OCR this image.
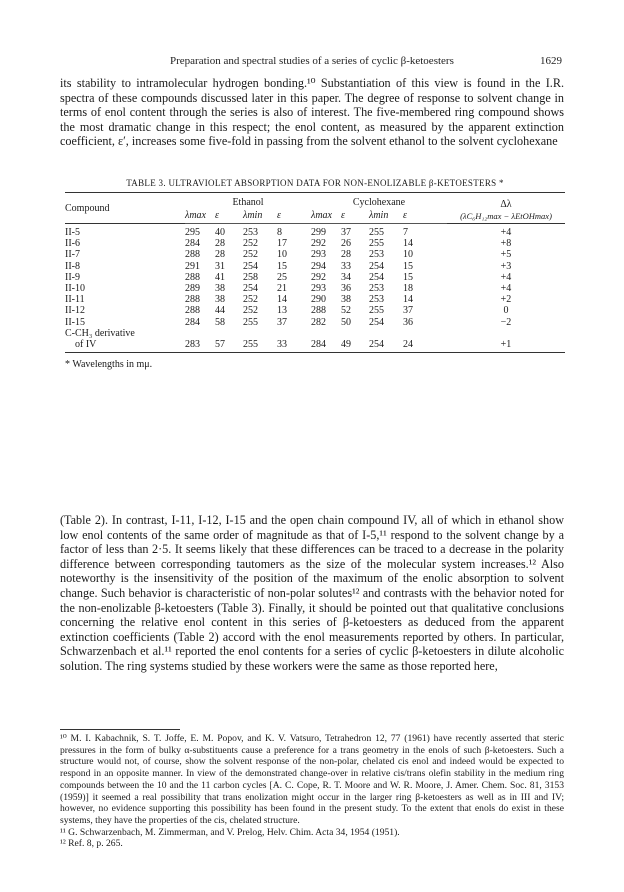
Preparation and spectral studies of a series of cyclic β-ketoesters	1629

its stability to intramolecular hydrogen bonding.¹⁰ Substantiation of this view is found in the I.R. spectra of these compounds discussed later in this paper. The degree of response to solvent change in terms of enol content through the series is also of interest. The five-membered ring compound shows the most dramatic change in this respect; the enol content, as measured by the apparent extinction coefficient, ε′, increases some five-fold in passing from the solvent ethanol to the solvent cyclohexane

TABLE 3. ULTRAVIOLET ABSORPTION DATA FOR NON-ENOLIZABLE β-KETOESTERS *
Compound	Ethanol				Cyclohexane				Δλ
	λmax	ε	λmin	ε	λmax	ε	λmin	ε	(λC₆H₁₂max − λEtOHmax)
II-5	295	40	253	8	299	37	255	7	+4
II-6	284	28	252	17	292	26	255	14	+8
II-7	288	28	252	10	293	28	253	10	+5
II-8	291	31	254	15	294	33	254	15	+3
II-9	288	41	258	25	292	34	254	15	+4
II-10	289	38	254	21	293	36	253	18	+4
II-11	288	38	252	14	290	38	253	14	+2
II-12	288	44	252	13	288	52	255	37	0
II-15	284	58	255	37	282	50	254	36	−2
C-CH₃ derivative									
of IV	283	57	255	33	284	49	254	24	+1
* Wavelengths in mμ.

(Table 2). In contrast, I-11, I-12, I-15 and the open chain compound IV, all of which in ethanol show low enol contents of the same order of magnitude as that of I-5,¹¹ respond to the solvent change by a factor of less than 2·5. It seems likely that these differences can be traced to a decrease in the polarity difference between corresponding tautomers as the size of the molecular system increases.¹² Also noteworthy is the insensitivity of the position of the maximum of the enolic absorption to solvent change. Such behavior is characteristic of non-polar solutes¹² and contrasts with the behavior noted for the non-enolizable β-ketoesters (Table 3). Finally, it should be pointed out that qualitative conclusions concerning the relative enol content in this series of β-ketoesters as deduced from the apparent extinction coefficients (Table 2) accord with the enol measurements reported by others. In particular, Schwarzenbach et al.¹¹ reported the enol contents for a series of cyclic β-ketoesters in dilute alcoholic solution. The ring systems studied by these workers were the same as those reported here,

¹⁰ M. I. Kabachnik, S. T. Joffe, E. M. Popov, and K. V. Vatsuro, Tetrahedron 12, 77 (1961) have recently asserted that steric pressures in the form of bulky α-substituents cause a preference for a trans geometry in the enols of such β-ketoesters. Such a structure would not, of course, show the solvent response of the non-polar, chelated cis enol and indeed would be expected to respond in an opposite manner. In view of the demonstrated change-over in relative cis/trans olefin stability in the medium ring compounds between the 10 and the 11 carbon cycles [A. C. Cope, R. T. Moore and W. R. Moore, J. Amer. Chem. Soc. 81, 3153 (1959)] it seemed a real possibility that trans enolization might occur in the larger ring β-ketoesters as well as in III and IV; however, no evidence supporting this possibility has been found in the present study. To the extent that enols do exist in these systems, they have the properties of the cis, chelated structure.

¹¹ G. Schwarzenbach, M. Zimmerman, and V. Prelog, Helv. Chim. Acta 34, 1954 (1951).

¹² Ref. 8, p. 265.
